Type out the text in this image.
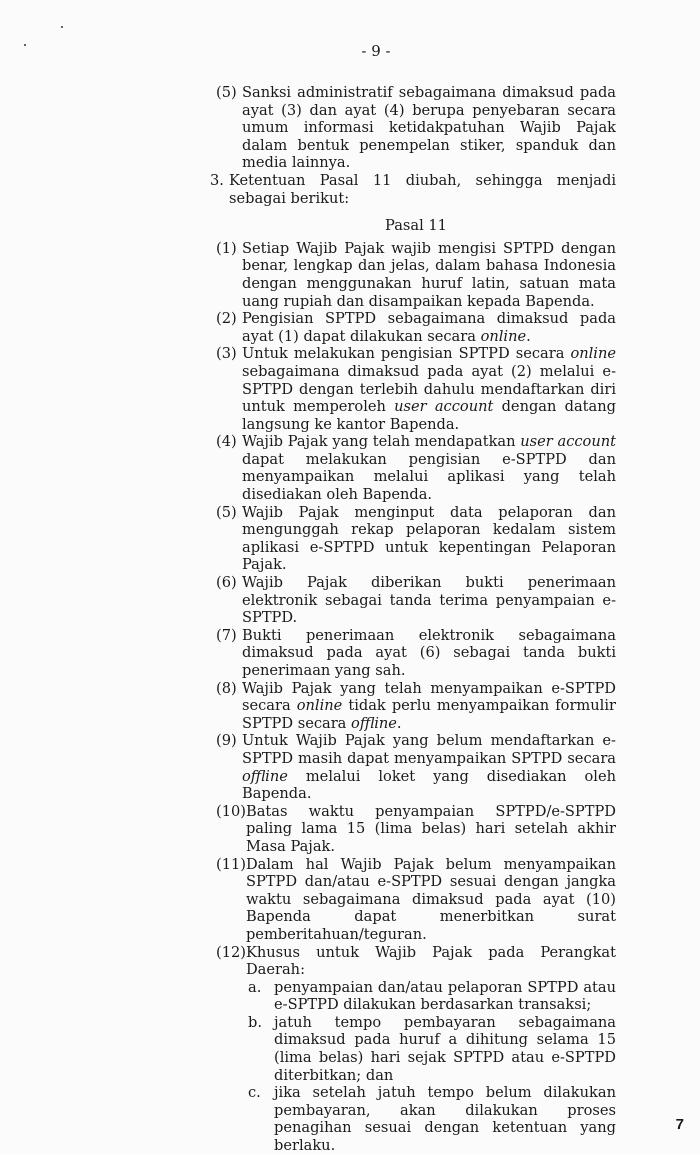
- 9 -
(5) Sanksi administratif sebagaimana dimaksud pada ayat (3) dan ayat (4) berupa penyebaran secara umum informasi ketidakpatuhan Wajib Pajak dalam bentuk penempelan stiker, spanduk dan media lainnya.
3. Ketentuan Pasal 11 diubah, sehingga menjadi sebagai berikut:
Pasal 11
(1) Setiap Wajib Pajak wajib mengisi SPTPD dengan benar, lengkap dan jelas, dalam bahasa Indonesia dengan menggunakan huruf latin, satuan mata uang rupiah dan disampaikan kepada Bapenda.
(2) Pengisian SPTPD sebagaimana dimaksud pada ayat (1) dapat dilakukan secara online.
(3) Untuk melakukan pengisian SPTPD secara online sebagaimana dimaksud pada ayat (2) melalui e-SPTPD dengan terlebih dahulu mendaftarkan diri untuk memperoleh user account dengan datang langsung ke kantor Bapenda.
(4) Wajib Pajak yang telah mendapatkan user account dapat melakukan pengisian e-SPTPD dan menyampaikan melalui aplikasi yang telah disediakan oleh Bapenda.
(5) Wajib Pajak menginput data pelaporan dan mengunggah rekap pelaporan kedalam sistem aplikasi e-SPTPD untuk kepentingan Pelaporan Pajak.
(6) Wajib Pajak diberikan bukti penerimaan elektronik sebagai tanda terima penyampaian e-SPTPD.
(7) Bukti penerimaan elektronik sebagaimana dimaksud pada ayat (6) sebagai tanda bukti penerimaan yang sah.
(8) Wajib Pajak yang telah menyampaikan e-SPTPD secara online tidak perlu menyampaikan formulir SPTPD secara offline.
(9) Untuk Wajib Pajak yang belum mendaftarkan e-SPTPD masih dapat menyampaikan SPTPD secara offline melalui loket yang disediakan oleh Bapenda.
(10) Batas waktu penyampaian SPTPD/e-SPTPD paling lama 15 (lima belas) hari setelah akhir Masa Pajak.
(11) Dalam hal Wajib Pajak belum menyampaikan SPTPD dan/atau e-SPTPD sesuai dengan jangka waktu sebagaimana dimaksud pada ayat (10) Bapenda dapat menerbitkan surat pemberitahuan/teguran.
(12) Khusus untuk Wajib Pajak pada Perangkat Daerah:
a. penyampaian dan/atau pelaporan SPTPD atau e-SPTPD dilakukan berdasarkan transaksi;
b. jatuh tempo pembayaran sebagaimana dimaksud pada huruf a dihitung selama 15 (lima belas) hari sejak SPTPD atau e-SPTPD diterbitkan; dan
c. jika setelah jatuh tempo belum dilakukan pembayaran, akan dilakukan proses penagihan sesuai dengan ketentuan yang berlaku.
7
